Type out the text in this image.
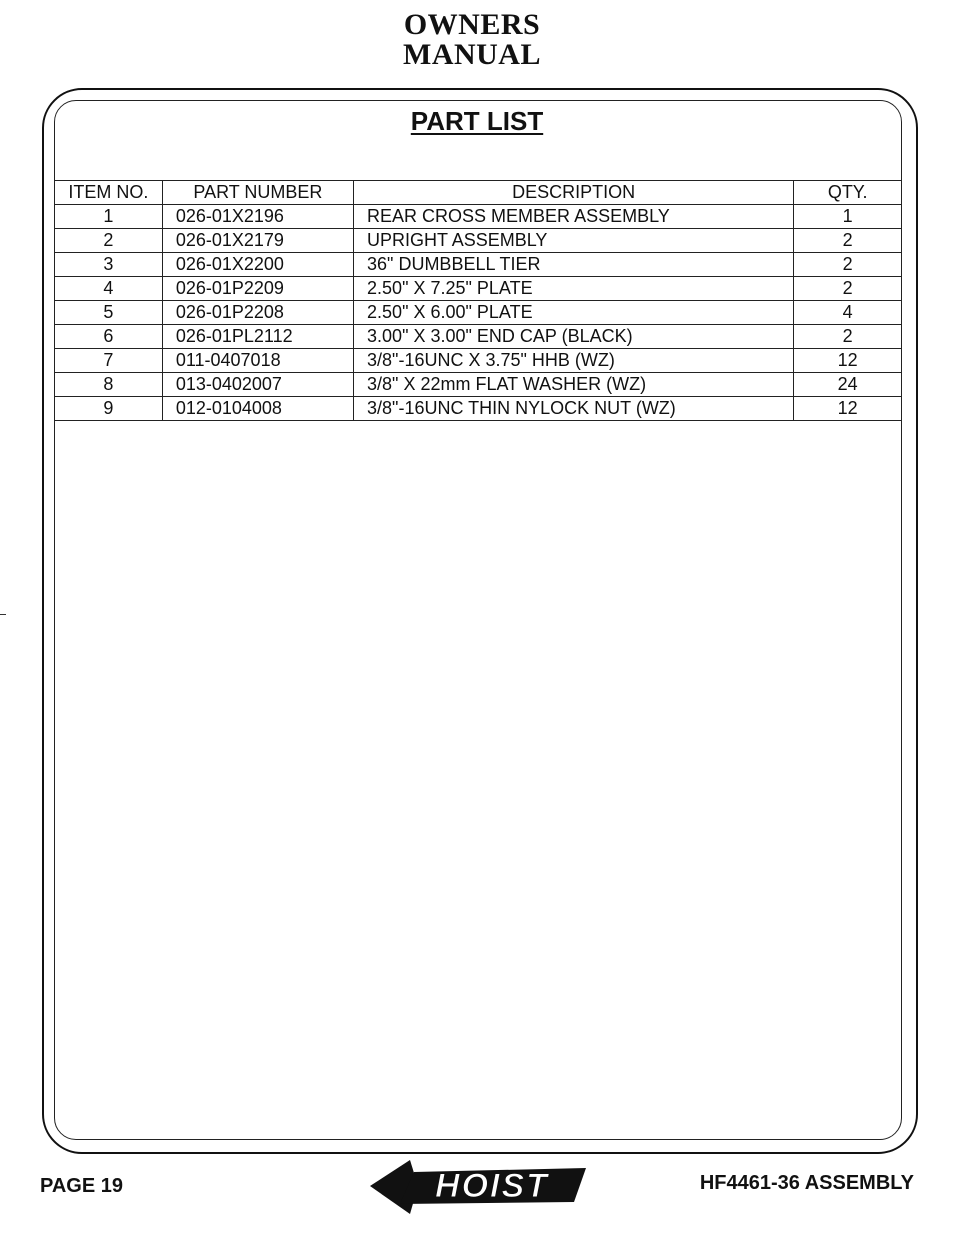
OWNERS
MANUAL
PART LIST
ITEM NO.	PART NUMBER	DESCRIPTION	QTY.
1	026-01X2196	REAR CROSS MEMBER ASSEMBLY	1
2	026-01X2179	UPRIGHT ASSEMBLY	2
3	026-01X2200	36" DUMBBELL TIER	2
4	026-01P2209	2.50" X 7.25" PLATE	2
5	026-01P2208	2.50" X 6.00" PLATE	4
6	026-01PL2112	3.00" X 3.00" END CAP (BLACK)	2
7	011-0407018	3/8"-16UNC X 3.75" HHB (WZ)	12
8	013-0402007	3/8" X 22mm FLAT WASHER (WZ)	24
9	012-0104008	3/8"-16UNC THIN NYLOCK NUT (WZ)	12

PAGE 19	HOIST	HF4461-36 ASSEMBLY
